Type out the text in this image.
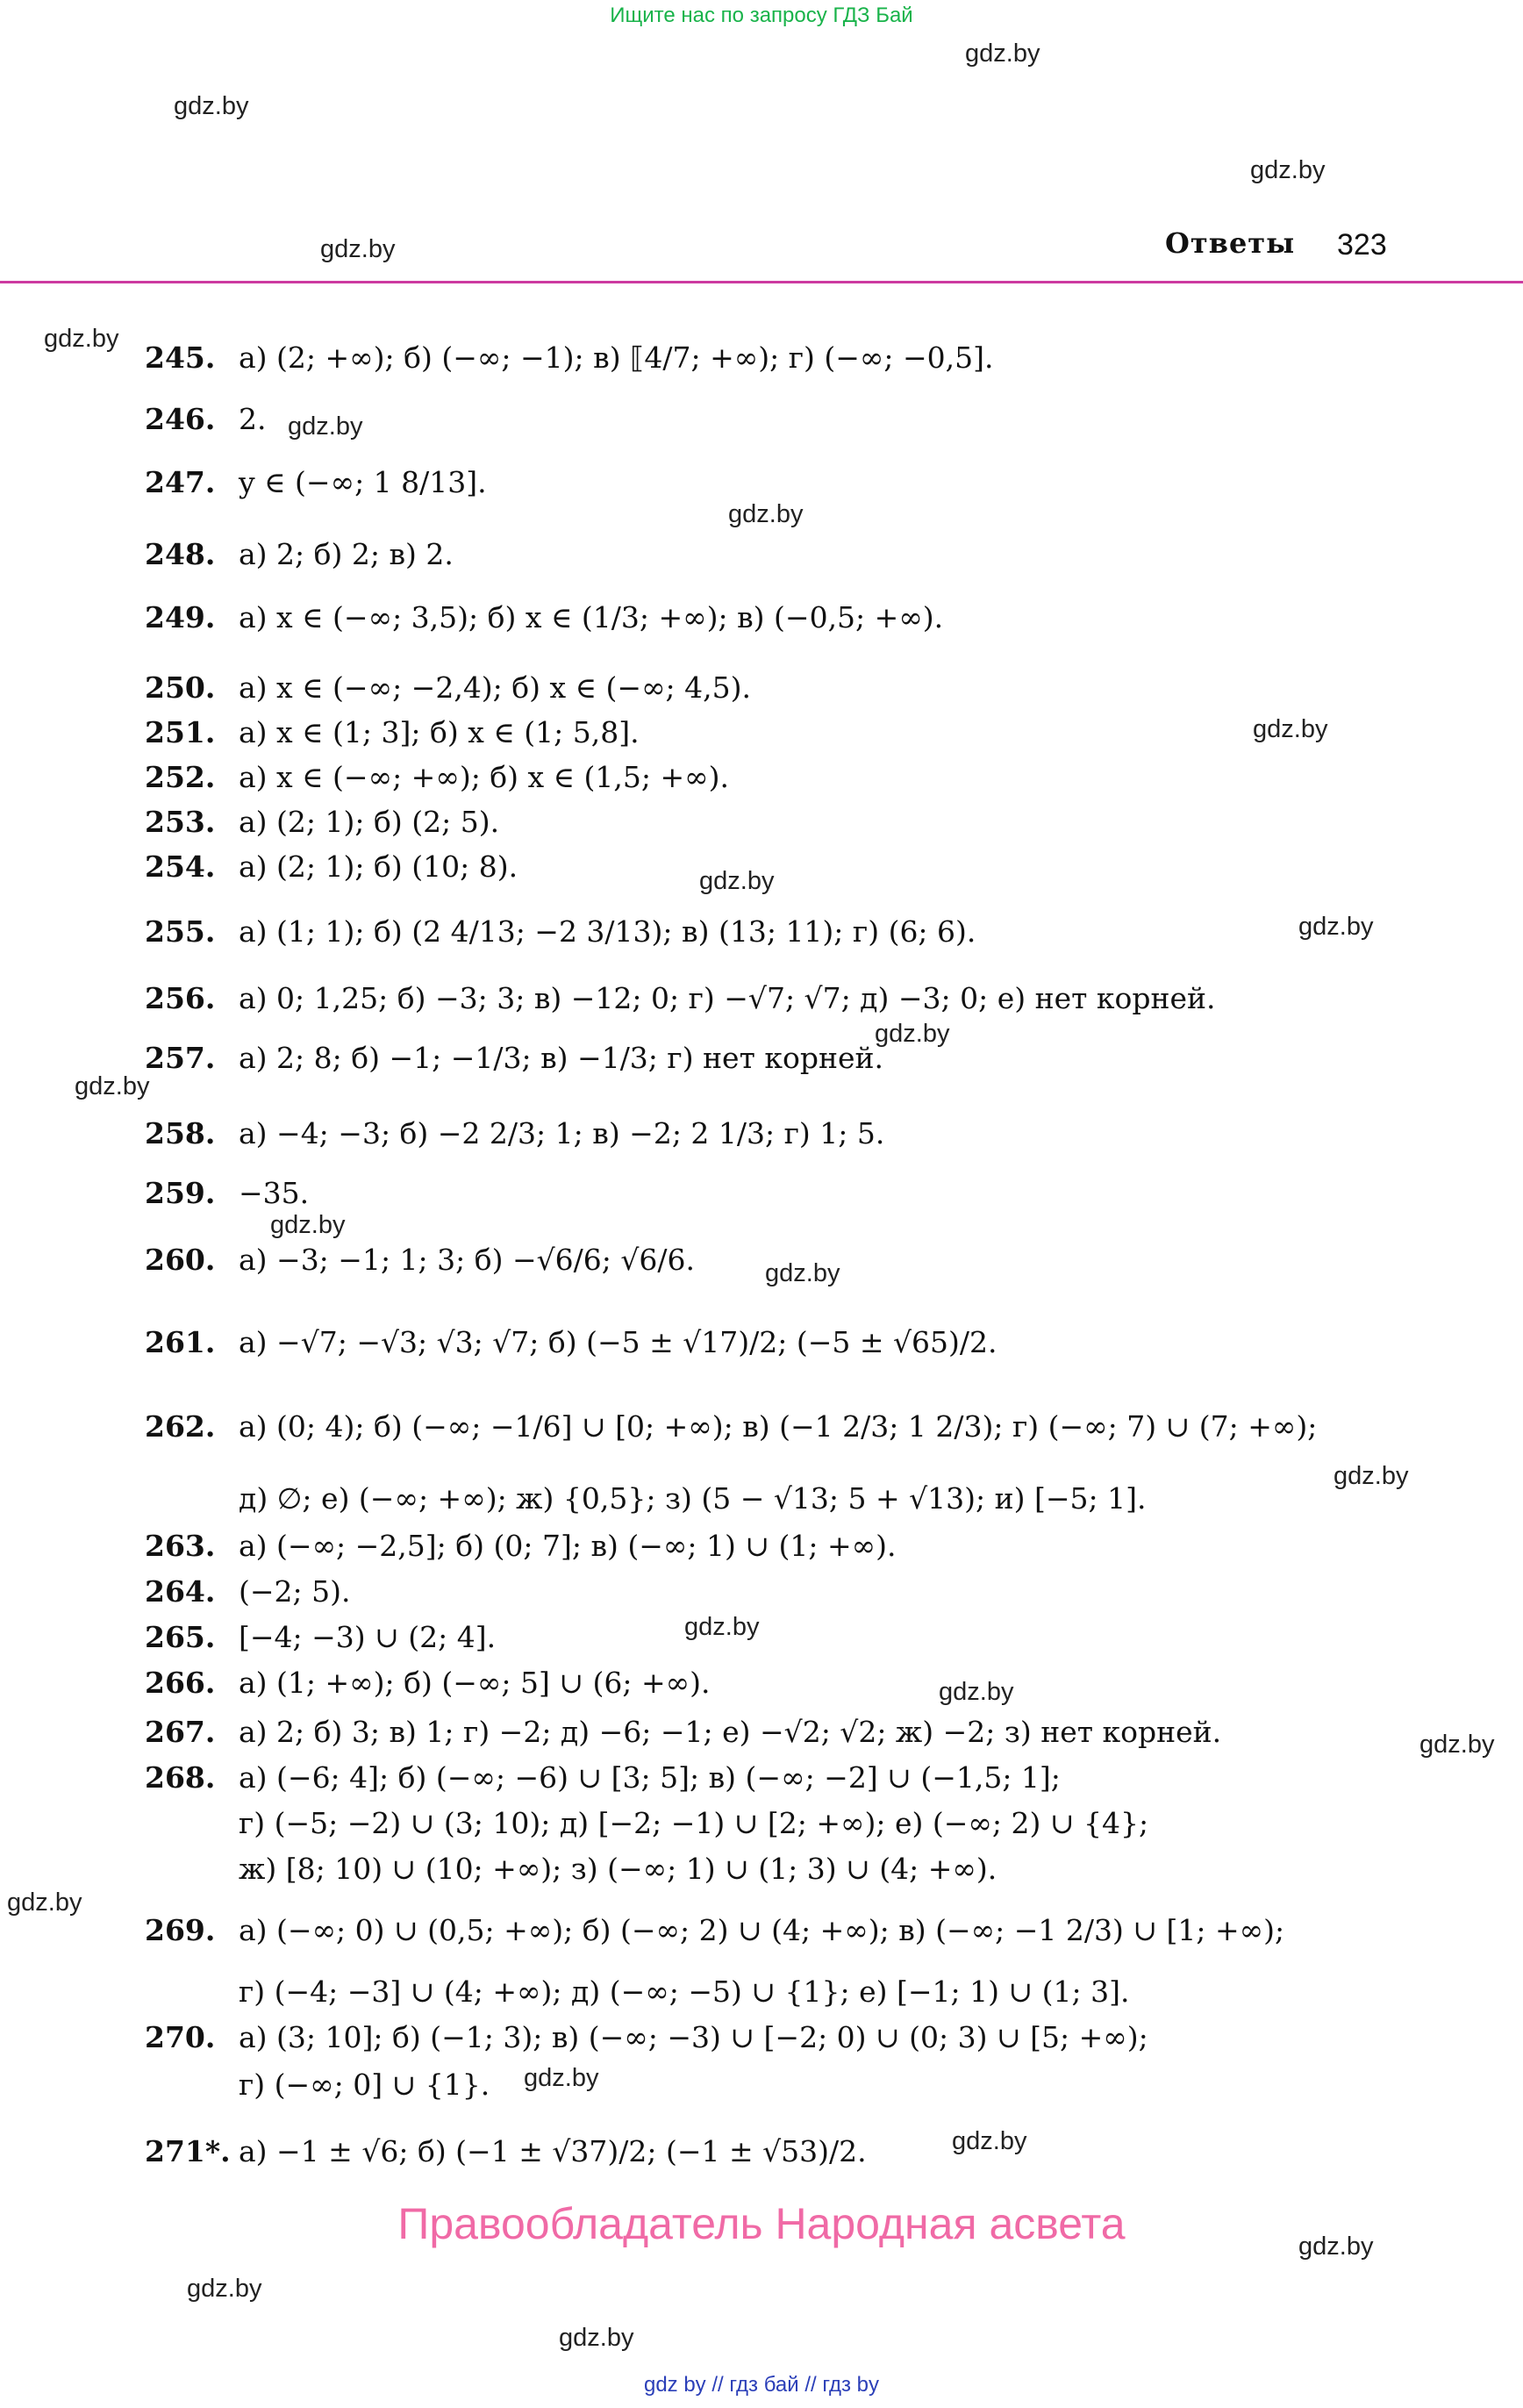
Ищите нас по запросу ГДЗ Бай
gdz.by
gdz.by
gdz.by
gdz.by
gdz.by
gdz.by
gdz.by
gdz.by
gdz.by
gdz.by
gdz.by
gdz.by
gdz.by
gdz.by
gdz.by
gdz.by
gdz.by
gdz.by
gdz.by
gdz.by
gdz.by
gdz.by
gdz.by
gdz.by
Ответы 323
245. а) (2; +∞); б) (−∞; −1); в) ⟦4/7; +∞); г) (−∞; −0,5].
246. 2.
247. y ∈ (−∞; 1 8/13].
248. а) 2; б) 2; в) 2.
249. а) x ∈ (−∞; 3,5); б) x ∈ (1/3; +∞); в) (−0,5; +∞).
250. а) x ∈ (−∞; −2,4); б) x ∈ (−∞; 4,5).
251. а) x ∈ (1; 3]; б) x ∈ (1; 5,8].
252. а) x ∈ (−∞; +∞); б) x ∈ (1,5; +∞).
253. а) (2; 1); б) (2; 5).
254. а) (2; 1); б) (10; 8).
255. а) (1; 1); б) (2 4/13; −2 3/13); в) (13; 11); г) (6; 6).
256. а) 0; 1,25; б) −3; 3; в) −12; 0; г) −√7; √7; д) −3; 0; е) нет корней.
257. а) 2; 8; б) −1; −1/3; в) −1/3; г) нет корней.
258. а) −4; −3; б) −2 2/3; 1; в) −2; 2 1/3; г) 1; 5.
259. −35.
260. а) −3; −1; 1; 3; б) −√6/6; √6/6.
261. а) −√7; −√3; √3; √7; б) (−5 ± √17)/2; (−5 ± √65)/2.
262. а) (0; 4); б) (−∞; −1/6] ∪ [0; +∞); в) (−1 2/3; 1 2/3); г) (−∞; 7) ∪ (7; +∞);
д) ∅; е) (−∞; +∞); ж) {0,5}; з) (5 − √13; 5 + √13); и) [−5; 1].
263. а) (−∞; −2,5]; б) (0; 7]; в) (−∞; 1) ∪ (1; +∞).
264. (−2; 5).
265. [−4; −3) ∪ (2; 4].
266. а) (1; +∞); б) (−∞; 5] ∪ (6; +∞).
267. а) 2; б) 3; в) 1; г) −2; д) −6; −1; е) −√2; √2; ж) −2; з) нет корней.
268. а) (−6; 4]; б) (−∞; −6) ∪ [3; 5]; в) (−∞; −2] ∪ (−1,5; 1];
г) (−5; −2) ∪ (3; 10); д) [−2; −1) ∪ [2; +∞); е) (−∞; 2) ∪ {4};
ж) [8; 10) ∪ (10; +∞); з) (−∞; 1) ∪ (1; 3) ∪ (4; +∞).
269. а) (−∞; 0) ∪ (0,5; +∞); б) (−∞; 2) ∪ (4; +∞); в) (−∞; −1 2/3) ∪ [1; +∞);
г) (−4; −3] ∪ (4; +∞); д) (−∞; −5) ∪ {1}; е) [−1; 1) ∪ (1; 3].
270. а) (3; 10]; б) (−1; 3); в) (−∞; −3) ∪ [−2; 0) ∪ (0; 3) ∪ [5; +∞);
г) (−∞; 0] ∪ {1}.
271*. а) −1 ± √6; б) (−1 ± √37)/2; (−1 ± √53)/2.
Правообладатель Народная асвета
gdz by // гдз бай // гдз by
